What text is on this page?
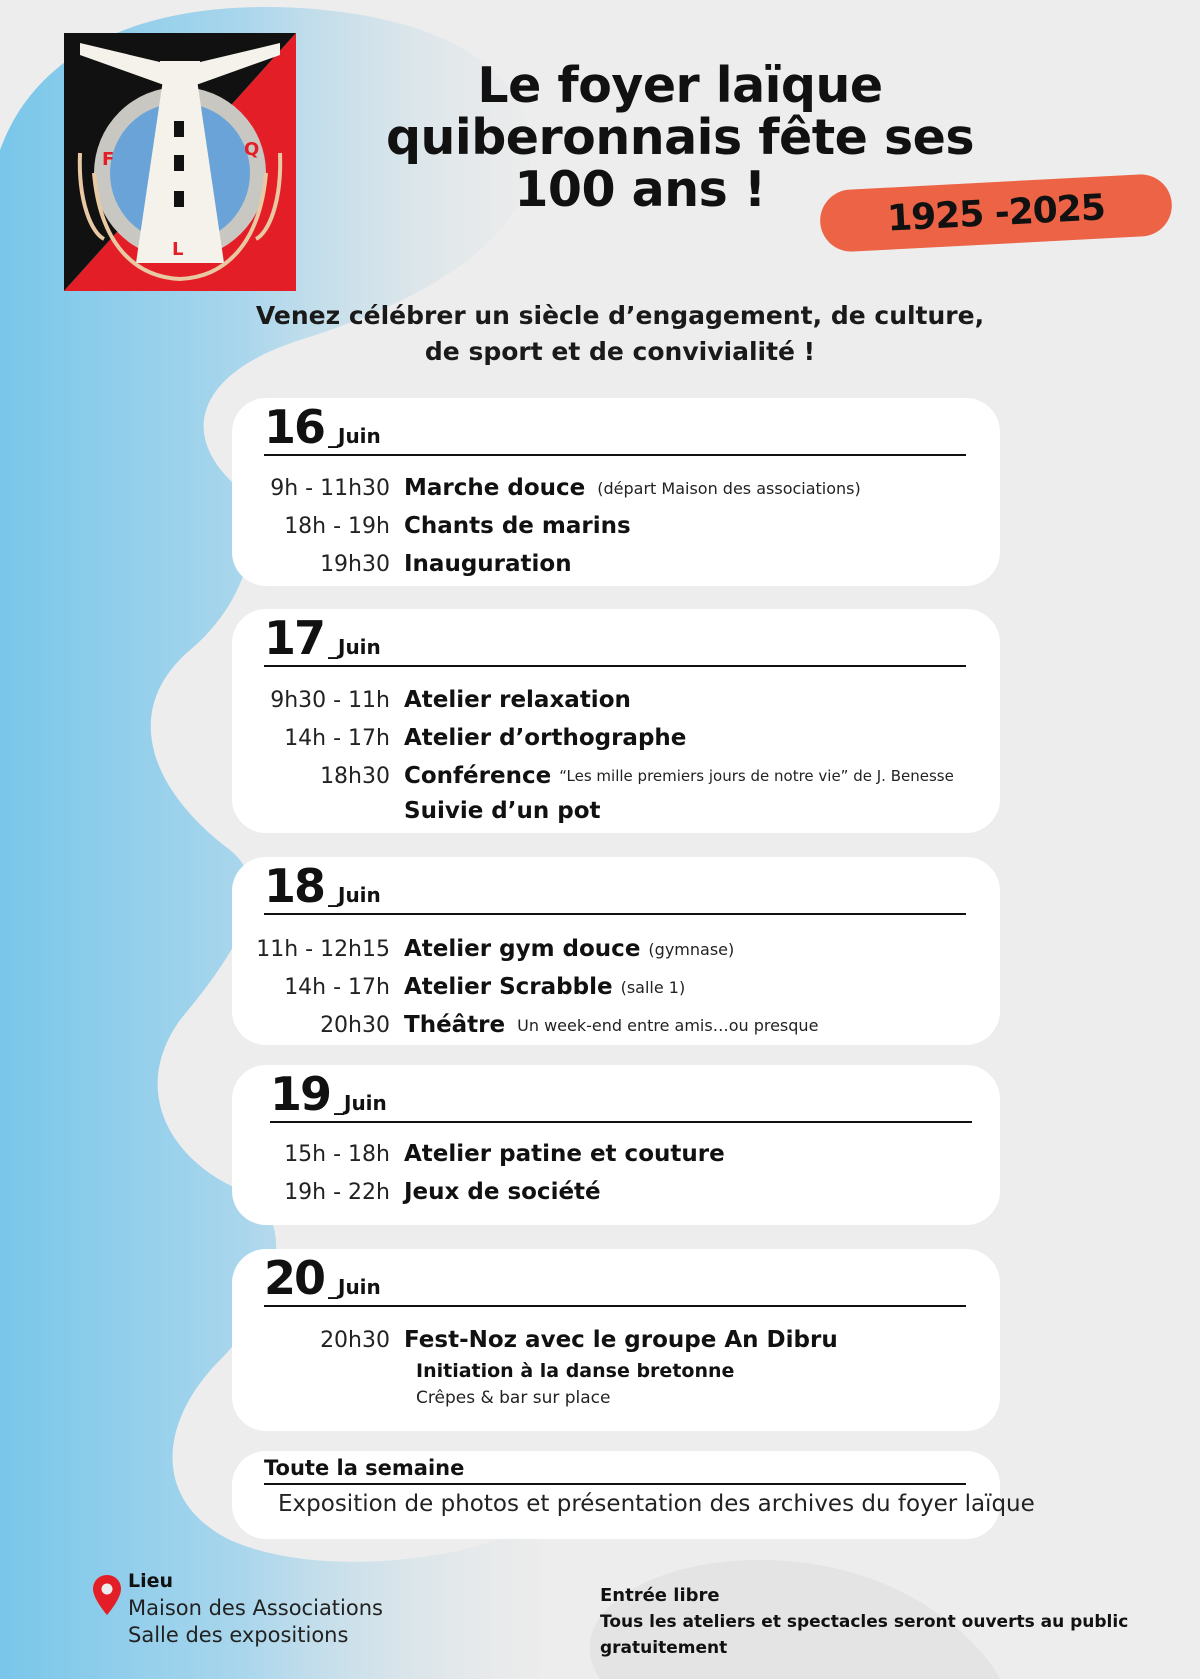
F	Q
L
Le foyer laïque
quiberonnais fête ses
100 ans !	1925 -2025
Venez célébrer un siècle d’engagement, de culture,
de sport et de convivialité !
16 _Juin
9h - 11h30 Marche douce (départ Maison des associations)
18h - 19h Chants de marins
19h30 Inauguration
17 _Juin
9h30 - 11h Atelier relaxation
14h - 17h Atelier d’orthographe
18h30 Conférence “Les mille premiers jours de notre vie” de J. Benesse
Suivie d’un pot
18 _Juin
11h - 12h15 Atelier gym douce (gymnase)
14h - 17h Atelier Scrabble (salle 1)
20h30 Théâtre Un week-end entre amis…ou presque
19 _Juin
15h - 18h Atelier patine et couture
19h - 22h Jeux de société
20 _Juin
20h30 Fest-Noz avec le groupe An Dibru
Initiation à la danse bretonne
Crêpes & bar sur place
Toute la semaine
Exposition de photos et présentation des archives du foyer laïque
Lieu
Maison des Associations
Salle des expositions
Entrée libre
Tous les ateliers et spectacles seront ouverts au public gratuitement
